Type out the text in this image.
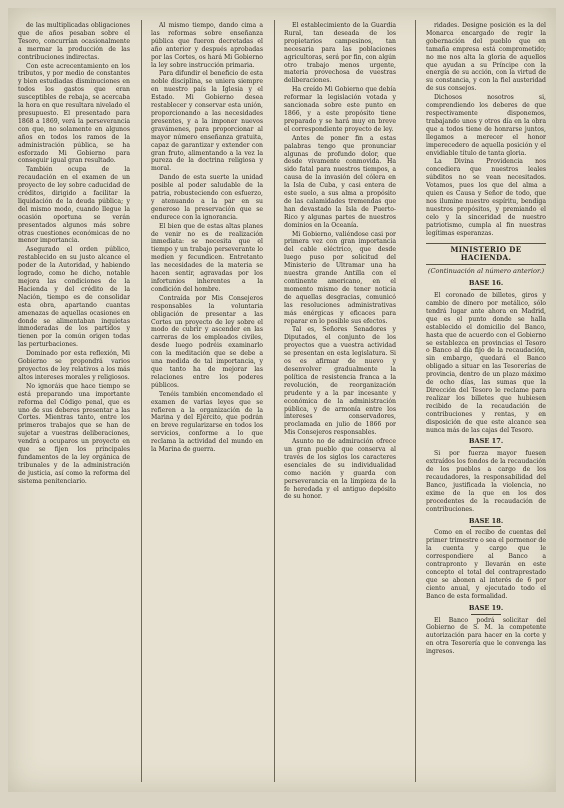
de las multiplicadas obligaciones que de años pesaban sobre el Tesoro, concurrían ocasionalmente a mermar la producción de las contribuciones indirectas.

Con este acrecentamiento en los tributos, y por medio de constantes y bien estudiadas disminuciones en todos los gastos que eran susceptibles de rebaja, se acercaba la hora en que resultara nivelado el presupuesto. El presentado para 1868 a 1869, verá la perseverancia con que, no solamente en algunos años en todos los ramos de la administración pública, se ha esforzado Mi Gobierno para conseguir igual gran resultado.

También ocupa de la recaudación en el examen de un proyecto de ley sobre caducidad de créditos, dirigido a facilitar la liquidación de la deuda pública; y del mismo modo, cuando llegue la ocasión oportuna se verán presentados algunos más sobre otras cuestiones económicas de no menor importancia.

Asegurado el orden público, restablecido en su justo alcance el poder de la Autoridad, y habiendo logrado, como he dicho, notable mejora las condiciones de la Hacienda y del crédito de la Nación, tiempo es de consolidar esta obra, apartando cuantas amenazas de aquellas ocasiones en donde se alimentaban inquietas inmoderadas de los partidos y tienen por la común origen todas las perturbaciones.

Dominado por esta reflexión, Mi Gobierno se propondrá varios proyectos de ley relativos a los más altos intereses morales y religiosos.

No ignoráis que hace tiempo se está preparando una importante reforma del Código penal, que es uno de sus deberes presentar a las Cortes. Mientras tanto, entre los primeros trabajos que se han de sujetar a vuestras deliberaciones, vendrá a ocuparos un proyecto en que se fijen los principales fundamentos de la ley orgánica de tribunales y de la administración de justicia, así como la reforma del sistema penitenciario.

Al mismo tiempo, dando cima a las reformas sobre enseñanza pública que fueron decretadas el año anterior y después aprobadas por las Cortes, os hará Mi Gobierno la ley sobre instrucción primaria.

Para difundir el beneficio de esta noble disciplina, se uniera siempre en nuestro país la Iglesia y el Estado. Mi Gobierno desea restablecer y conservar esta unión, proporcionando a las necesidades presentes, y a la imponer nuevos gravámenes, para proporcionar al mayor número enseñanza gratuita, capaz de garantizar y extender con gran fruto, alimentando a la vez la pureza de la doctrina religiosa y moral.

Dando de esta suerte la unidad posible al poder saludable de la patria, robusteciendo con esfuerzo, y atenuando a la par en su generoso la preservación que se endurece con la ignorancia.

El bien que de estas altas planes de venir no es de realización inmediata: se necesita que el tiempo y un trabajo perseverante lo medien y fecundicen. Entretanto las necesidades de la materia se hacen sentir, agravadas por los infortunios inherentes a la condición del hombre.

Contraída por Mis Consejeros responsables la voluntaria obligación de presentar a las Cortes un proyecto de ley sobre el modo de cubrir y ascender en las carreras de los empleados civiles, desde luego podréis examinarlo con la meditación que se debe a una medida de tal importancia, y que tanto ha de mejorar las relaciones entre los poderes públicos.

Tenéis también encomendado el examen de varias leyes que se refieren a la organización de la Marina y del Ejército, que podrán en breve regularizarse en todos los servicios, conforme a lo que reclama la actividad del mundo en la Marina de guerra.

El establecimiento de la Guardia Rural, tan deseada de los propietarios campesinos, tan necesaria para las poblaciones agricultoras, será por fin, con algún otro trabajo menos urgente, materia provechosa de vuestras deliberaciones.

Ha creído Mi Gobierno que debía reformar la legislación votada y sancionada sobre este punto en 1866, y a este propósito tiene preparado y se hará muy en breve el correspondiente proyecto de ley.

Antes de poner fin a estas palabras tengo que pronunciar algunas de profundo dolor, que desde vivamente conmovida. Ha sido fatal para nuestros tiempos, a causa de la invasión del cólera en la Isla de Cuba, y casi entera de este suelo, a sus alma a propósito de las calamidades tremendas que han devastado la Isla de Puerto-Rico y algunas partes de nuestros dominios en la Oceanía.

Mi Gobierno, valiéndose casi por primera vez con gran importancia del cable eléctrico, que desde luego puso por solicitud del Ministerio de Ultramar una ha nuestra grande Antilla con el continente americano, en el momento mismo de tener noticia de aquellas desgracias, comunicó las resoluciones administrativas más enérgicas y eficaces para reparar en lo posible sus efectos.

Tal es, Señores Senadores y Diputados, el conjunto de los proyectos que a vuestra actividad se presentan en esta legislatura. Si os es afirmar de nuevo y desenvolver gradualmente la política de resistencia franca a la revolución, de reorganización prudente y a la par incesante y económica de la administración pública, y de armonía entre los intereses conservadores, proclamada en julio de 1866 por Mis Consejeros responsables.

Asunto no de admiración ofrece un gran pueblo que conserva al través de los siglos los caracteres esenciales de su individualidad como nación y guarda con perseverancia en la limpieza de la fe heredada y el antiguo depósito de su honor.

ridades. Designe posición es la del Monarca encargado de regir la gobernación del pueblo que en tamaña empresa está comprometido; no me nos alta la gloria de aquellos que ayudan a su Príncipe con la energía de su acción, con la virtud de su constancia, y con la fiel austeridad de sus consejos.

Dichosos nosotros si, comprendiendo los deberes de que respectivamente disponemos, trabajando unos y otros día en la obra que a todos tiene de honrarse juntos, llegamos a merecer el honor imperecedero de aquella posición y el envidiable título de tanta gloria.

La Divina Providencia nos concediera que nuestros leales súbditos no se vean necesitados. Votamos, pues los que del alma a quien es Causa y Señor de todo, que nos ilumine nuestro espíritu, bendiga nuestros propósitos, y premiando el celo y la sinceridad de nuestro patriotismo, cumpla al fin nuestras legítimas esperanzas.

MINISTERIO DE HACIENDA.
(Continuación al número anterior.)
BASE 16.

El coronado de billetes, giros y cambio de dinero por metálico, sólo tendrá lugar ante ahora en Madrid, que es el punto donde se halla establecido el domicilio del Banco, hasta que de acuerdo con el Gobierno se establezca en provincias el Tesoro o Banco al día fijo de la recaudación, sin embargo, quedará el Banco obligado a situar en las Tesorerías de provincia, dentro de un plazo máximo de ocho días, las sumas que la Dirección del Tesoro le reclame para realizar los billetes que hubiesen recibido de la recaudación de contribuciones y rentas, y en disposición de que este alcance sea nunca más de las cajas del Tesoro.

BASE 17.

Si por fuerza mayor fuesen extraídos los fondos de la recaudación de los pueblos a cargo de los recaudadores, la responsabilidad del Banco, justificada la violencia, no exime de la que en los dos procedentes de la recaudación de contribuciones.

BASE 18.

Como en el recibo de cuentas del primer trimestre o sea el pormenor de la cuenta y cargo que le correspondiere al Banco a contrapronto y llevarán en este concepto el total del contraprestado que se abonen al interés de 6 por ciento anual, y ejecutado todo el Banco de esta formalidad.

BASE 19.

El Banco podrá solicitar del Gobierno de S. M. la competente autorización para hacer en la corte y en otra Tesorería que le convenga las ingresos.
